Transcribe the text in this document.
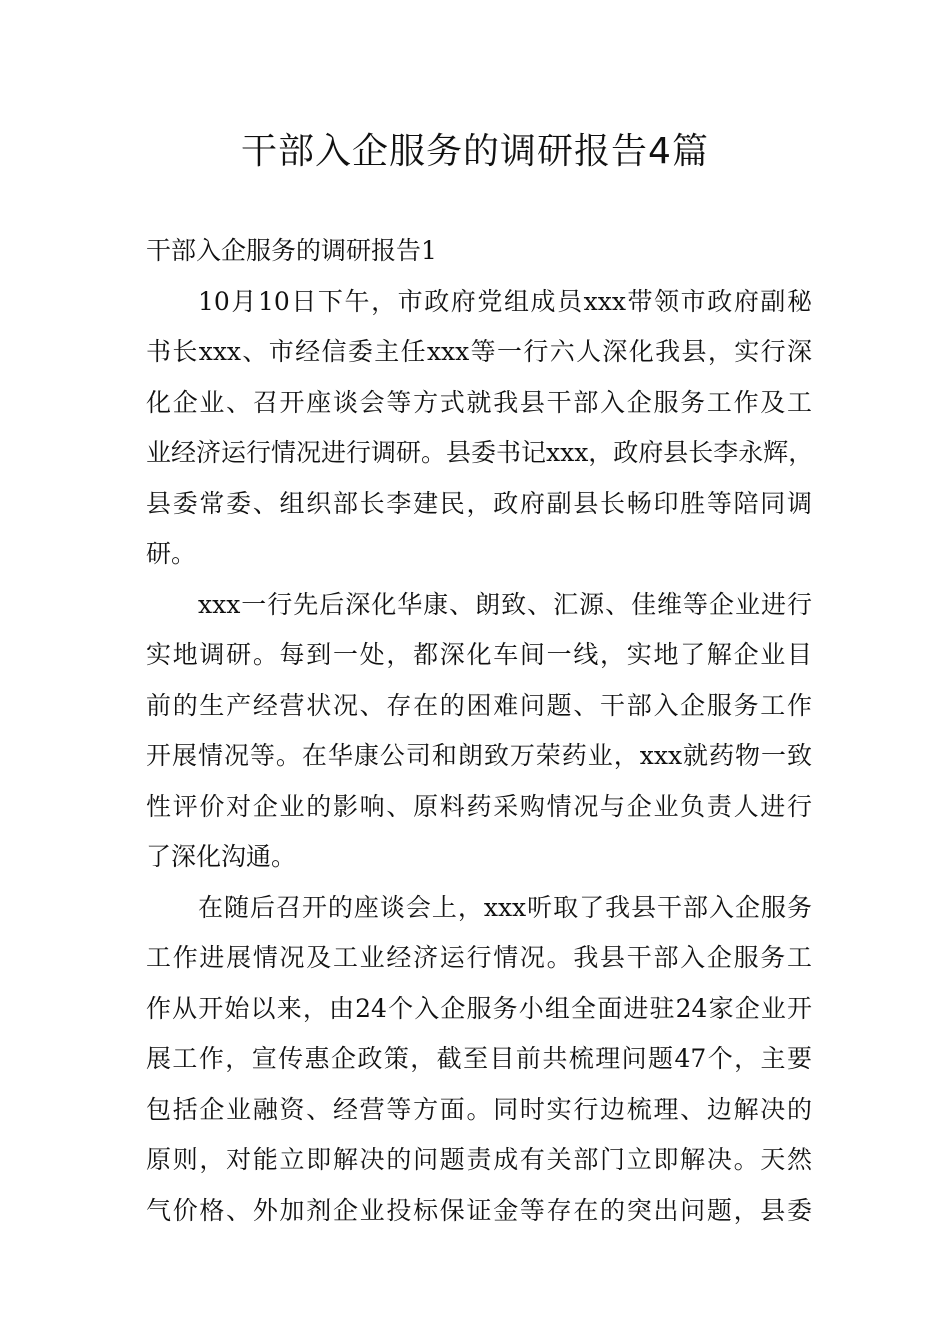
干部入企服务的调研报告4篇

干部入企服务的调研报告1

10月10日下午，市政府党组成员xxx带领市政府副秘
书长xxx、市经信委主任xxx等一行六人深化我县，实行深
化企业、召开座谈会等方式就我县干部入企服务工作及工
业经济运行情况进行调研。县委书记xxx，政府县长李永辉，
县委常委、组织部长李建民，政府副县长畅印胜等陪同调
研。
xxx一行先后深化华康、朗致、汇源、佳维等企业进行
实地调研。每到一处，都深化车间一线，实地了解企业目
前的生产经营状况、存在的困难问题、干部入企服务工作
开展情况等。在华康公司和朗致万荣药业，xxx就药物一致
性评价对企业的影响、原料药采购情况与企业负责人进行
了深化沟通。
在随后召开的座谈会上，xxx听取了我县干部入企服务
工作进展情况及工业经济运行情况。我县干部入企服务工
作从开始以来，由24个入企服务小组全面进驻24家企业开
展工作，宣传惠企政策，截至目前共梳理问题47个，主要
包括企业融资、经营等方面。同时实行边梳理、边解决的
原则，对能立即解决的问题责成有关部门立即解决。天然
气价格、外加剂企业投标保证金等存在的突出问题，县委
